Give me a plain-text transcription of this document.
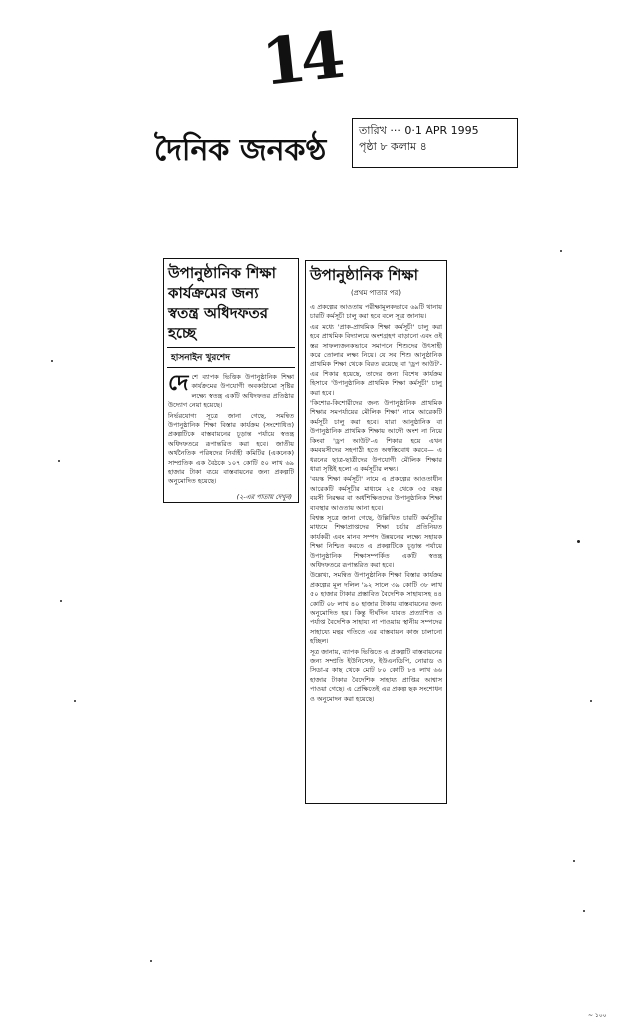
14
দৈনিক জনকণ্ঠ
তারিখ ··· 0·1 APR 1995
পৃষ্ঠা ৮ কলাম ৪
উপানুষ্ঠানিক শিক্ষা কার্যক্রমের জন্য স্বতন্ত্র অধিদফতর হচ্ছে
হাসনাইন খুরশেদ

দেশে ব্যাপক ভিত্তিক উপানুষ্ঠানিক শিক্ষা কার্যক্রমের উপযোগী অবকাঠামো সৃষ্টির লক্ষ্যে স্বতন্ত্র একটি অধিদফতর প্রতিষ্ঠার উদ্যোগ নেয়া হয়েছে।

নির্ভরযোগ্য সূত্রে জানা গেছে, সমন্বিত উপানুষ্ঠানিক শিক্ষা বিস্তার কার্যক্রম (সংশোধিত) প্রকল্পটিকে বাস্তবায়নের চূড়ান্ত পর্যায়ে স্বতন্ত্র অধিদফতরে রূপান্তরিত করা হবে। জাতীয় অর্থনৈতিক পরিষদের নির্বাহী কমিটির (একনেক) সাম্প্রতিক এক বৈঠকে ১০৭ কোটি ৫০ লাখ ৬৯ হাজার টাকা ব্যয়ে বাস্তবায়নের জন্য প্রকল্পটি অনুমোদিত হয়েছে।

(২-এর পাতায় দেখুন)
উপানুষ্ঠানিক শিক্ষা
(প্রথম পাতার পর)

এ প্রকল্পের আওতায় পরীক্ষামূলকভাবে ৬৯টি থানায় চারটি কর্মসূচী চালু করা হবে বলে সূত্র জানায়।

এর মধ্যে 'প্রাক-প্রাথমিক শিক্ষা কর্মসূচী' চালু করা হবে প্রাথমিক বিদ্যালয়ে অংশগ্রহণ বাড়ানো এবং ওই স্তর সাফল্যজনকভাবে সমাপনে শিশুদের উৎসাহী করে তোলার লক্ষ্য নিয়ে। যে সব শিশু আনুষ্ঠানিক প্রাথমিক শিক্ষা থেকে বিরত রয়েছে বা 'ড্রপ আউট'-এর শিকার হয়েছে, তাদের জন্য বিশেষ কার্যক্রম হিসাবে 'উপানুষ্ঠানিক প্রাথমিক শিক্ষা কর্মসূচী' চালু করা হবে।

'কিশোর-কিশোরীদের জন্য উপানুষ্ঠানিক প্রাথমিক শিক্ষার সমপর্যায়ের মৌলিক শিক্ষা' নামে আরেকটি কর্মসূচী চালু করা হবে। যারা আনুষ্ঠানিক বা উপানুষ্ঠানিক প্রাথমিক শিক্ষায় আদৌ অংশ না নিয়ে কিংবা 'ড্রপ আউট'-এ শিকার হয়ে এখন কমবয়সীদের সহপাঠী হতে অস্বস্তিবোধ করবে— এ ধরনের ছাত্র-ছাত্রীদের উপযোগী মৌলিক শিক্ষার ধারা সৃষ্টিই হলো এ কর্মসূচীর লক্ষ্য।

'বয়স্ক শিক্ষা কর্মসূচী' নামে এ প্রকল্পের আওতাধীন আরেকটি কর্মসূচীর মাধ্যমে ২৫ থেকে ৩৫ বছর বয়সী নিরক্ষর বা অর্ধশিক্ষিতদের উপানুষ্ঠানিক শিক্ষা ব্যবস্থার আওতায় আনা হবে।

বিশ্বস্ত সূত্রে জানা গেছে, উল্লিখিত চারটি কর্মসূচীর মাধ্যমে শিক্ষাপ্রাপ্তদের শিক্ষা চর্চার প্রতিনিয়ত কার্যকরী এবং মানব সম্পদ উন্নয়নের লক্ষ্যে সহায়ক শিক্ষা নিশ্চিত করতে এ প্রকল্পটিকে চূড়ান্ত পর্যায়ে উপানুষ্ঠানিক শিক্ষাসম্পর্কিত একটি স্বতন্ত্র অধিদফতরে রূপান্তরিত করা হবে।

উল্লেখ্য, সমন্বিত উপানুষ্ঠানিক শিক্ষা বিস্তার কার্যক্রম প্রকল্পের মূল দলিল '৯২ সালে ৩৯ কোটি ৩৮ লাখ ৫০ হাজার টাকার প্রস্তাবিত বৈদেশিক সাহায্যসহ ৪৪ কোটি ০৮ লাখ ৪০ হাজার টাকায় বাস্তবায়নের জন্য অনুমোদিত হয়। কিন্তু দীর্ঘদিন যাবত প্রত্যাশিত ও পর্যাপ্ত বৈদেশিক সাহায্য না পাওয়ায় স্থানীয় সম্পদের সাহায্যে মন্থর গতিতে এর বাস্তবায়ন কাজ চালানো হচ্ছিল।

সূত্র জানায়, ব্যাপক ভিত্তিতে এ প্রকল্পটি বাস্তবায়নের জন্য সম্প্রতি ইউনিসেফ, ইউএনডিপি, নোরাড ও সিডা-র কাছ থেকে মোট ৮০ কোটি ৮৪ লাখ ৬৬ হাজার টাকার বৈদেশিক সাহায্য প্রাপ্তির আশ্বাস পাওয়া গেছে। এ প্রেক্ষিতেই এর প্রকল্প ছক সংশোধন ও অনুমোদন করা হয়েছে।

~ ১০০
